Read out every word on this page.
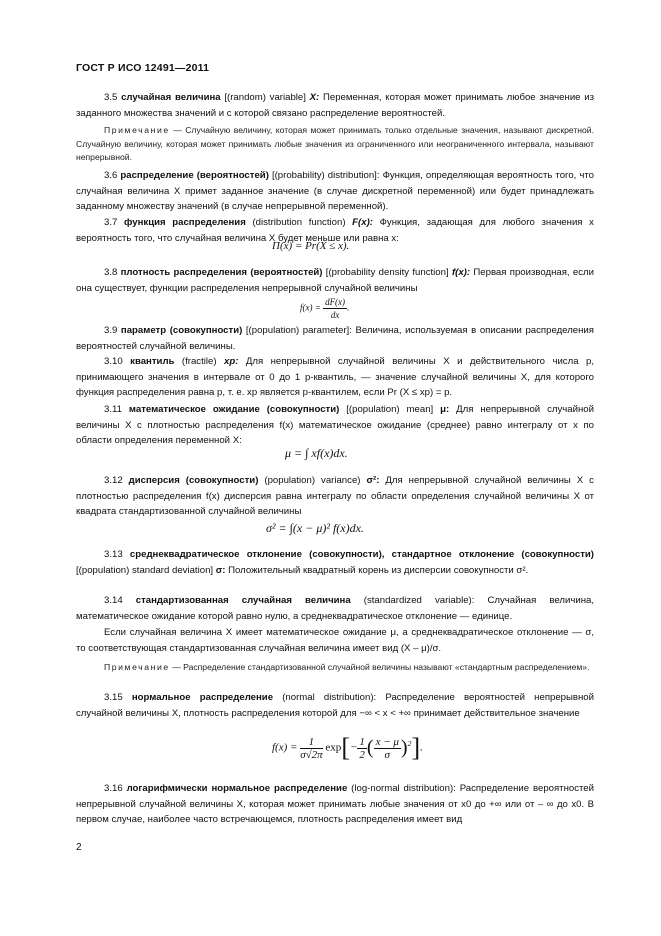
ГОСТ Р ИСО 12491—2011
3.5 случайная величина [(random) variable] X: Переменная, которая может принимать любое значение из заданного множества значений и с которой связано распределение вероятностей.
Примечание — Случайную величину, которая может принимать только отдельные значения, называют дискретной. Случайную величину, которая может принимать любые значения из ограниченного или неограниченного интервала, называют непрерывной.
3.6 распределение (вероятностей) [(probability) distribution]: Функция, определяющая вероятность того, что случайная величина X примет заданное значение (в случае дискретной переменной) или будет принадлежать заданному множеству значений (в случае непрерывной переменной).
3.7 функция распределения (distribution function) F(x): Функция, задающая для любого значения x вероятность того, что случайная величина X будет меньше или равна x:
Π(x) = Pr(X ≤ x).
3.8 плотность распределения (вероятностей) [(probability density function] f(x): Первая производная, если она существует, функции распределения непрерывной случайной величины
$f(x) = \frac{dF(x)}{dx}$ .
3.9 параметр (совокупности) [(population) parameter]: Величина, используемая в описании распределения вероятностей случайной величины.
3.10 квантиль (fractile) xp: Для непрерывной случайной величины X и действительного числа p, принимающего значения в интервале от 0 до 1 p-квантиль, — значение случайной величины X, для которого функция распределения равна p, т. е. xp является p-квантилем, если Pr (X ≤ xp) = p.
3.11 математическое ожидание (совокупности) [(population) mean] μ: Для непрерывной случайной величины X с плотностью распределения f(x) математическое ожидание (среднее) равно интегралу от x по области определения переменной X:
μ = ∫ xf(x)dx.
3.12 дисперсия (совокупности) (population) variance) σ²: Для непрерывной случайной величины X с плотностью распределения f(x) дисперсия равна интегралу по области определения случайной величины X от квадрата стандартизованной случайной величины
σ² = ∫(x − μ)² f(x)dx.
3.13 среднеквадратическое отклонение (совокупности), стандартное отклонение (совокупности) [(population) standard deviation] σ: Положительный квадратный корень из дисперсии совокупности σ².
3.14 стандартизованная случайная величина (standardized variable): Случайная величина, математическое ожидание которой равно нулю, а среднеквадратическое отклонение — единице.
Если случайная величина X имеет математическое ожидание μ, а среднеквадратическое отклонение — σ, то соответствующая стандартизованная случайная величина имеет вид (X – μ)/σ.
Примечание — Распределение стандартизованной случайной величины называют «стандартным распределением».
3.15 нормальное распределение (normal distribution): Распределение вероятностей непрерывной случайной величины X, плотность распределения которой для −∞ < x < +∞ принимает действительное значение
$f(x) = \frac{1}{\sigma√2\pi} \exp[- \frac{1}{2}$ ( $\frac{x - \mu}{\sigma} )^2$].
3.16 логарифмически нормальное распределение (log-normal distribution): Распределение вероятностей непрерывной случайной величины X, которая может принимать любые значения от x0 до +∞ или от – ∞ до x0. В первом случае, наиболее часто встречающемся, плотность распределения имеет вид
2
